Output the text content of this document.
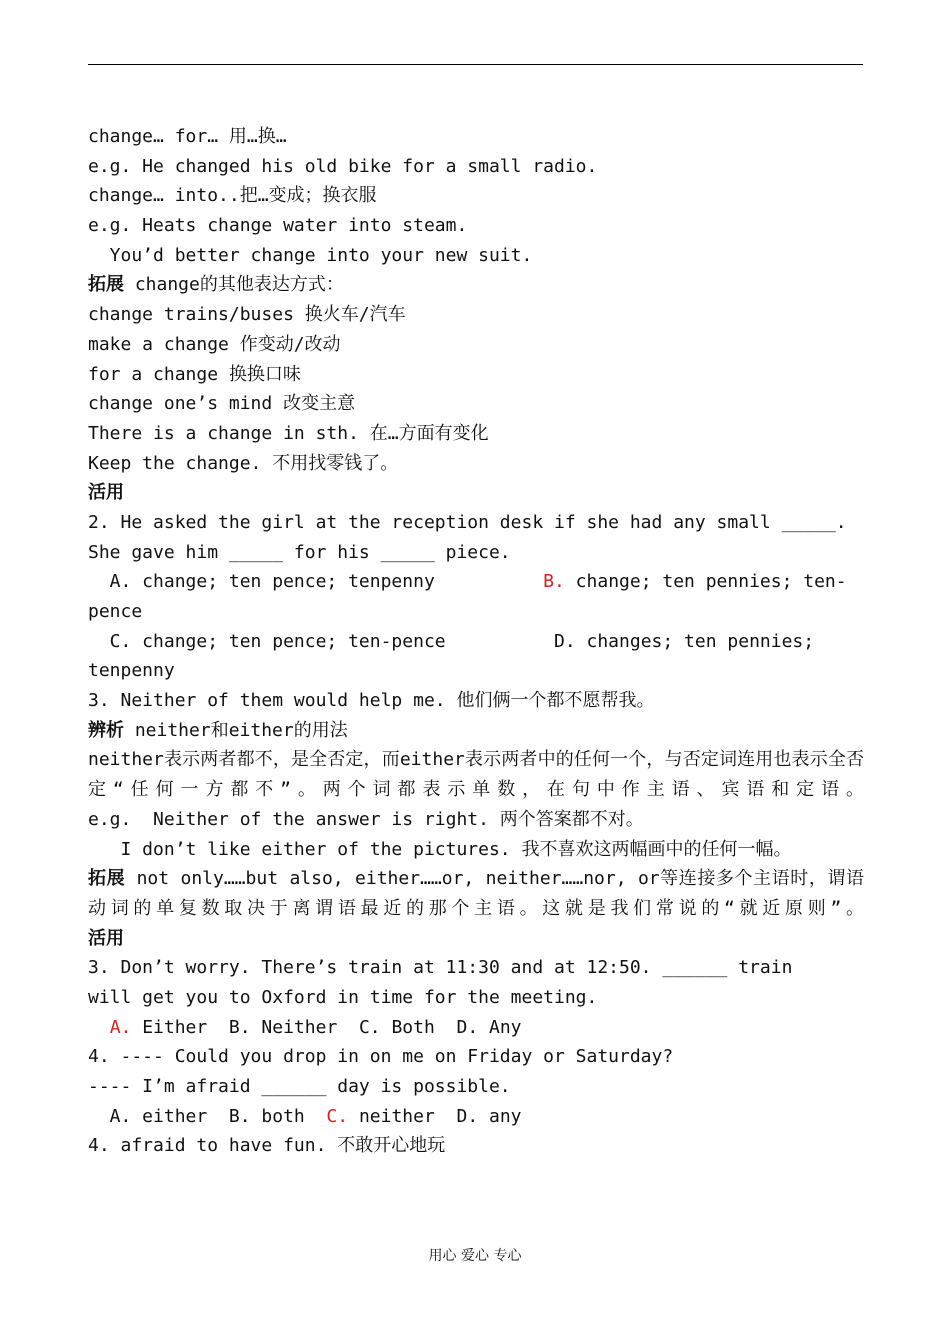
change… for… 用…换…
e.g. He changed his old bike for a small radio.
change… into..把…变成；换衣服
e.g. Heats change water into steam.
You’d better change into your new suit.
拓展 change的其他表达方式：
change trains/buses 换火车/汽车
make a change 作变动/改动
for a change 换换口味
change one’s mind 改变主意
There is a change in sth. 在…方面有变化
Keep the change. 不用找零钱了。
活用
2. He asked the girl at the reception desk if she had any small _____.
She gave him _____ for his _____ piece.
A. change; ten pence; tenpenny	B. change; ten pennies; ten-
pence
C. change; ten pence; ten-pence	D. changes; ten pennies;
tenpenny
3. Neither of them would help me. 他们俩一个都不愿帮我。
辨析 neither和either的用法
neither表示两者都不，是全否定，而either表示两者中的任何一个，与否定词连用也表示全否定“任何一方都不”。两个词都表示单数，在句中作主语、宾语和定语。
e.g.  Neither of the answer is right. 两个答案都不对。
I don’t like either of the pictures. 我不喜欢这两幅画中的任何一幅。
拓展 not only……but also, either……or, neither……nor, or等连接多个主语时，谓语动词的单复数取决于离谓语最近的那个主语。这就是我们常说的“就近原则”。
活用
3. Don’t worry. There’s train at 11:30 and at 12:50. ______ train
will get you to Oxford in time for the meeting.
A. Either  B. Neither  C. Both  D. Any
4. ---- Could you drop in on me on Friday or Saturday?
---- I’m afraid ______ day is possible.
A. either  B. both  C. neither  D. any
4. afraid to have fun. 不敢开心地玩
用心 爱心 专心
